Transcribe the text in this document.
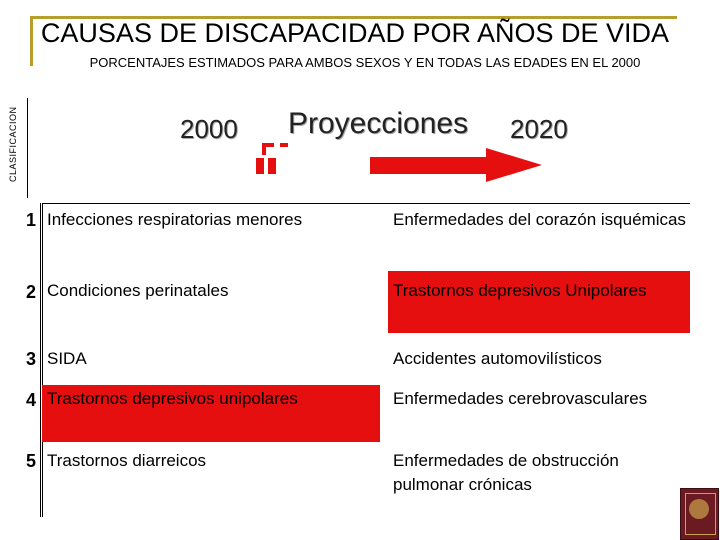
CAUSAS DE DISCAPACIDAD POR AÑOS DE VIDA
PORCENTAJES ESTIMADOS PARA AMBOS SEXOS Y EN TODAS LAS EDADES EN EL 2000
CLASIFICACION	2000 Proyecciones 2020
1 Infecciones respiratorias menores	Enfermedades del corazón isquémicas
2 Condiciones perinatales	Trastornos depresivos Unipolares
3 SIDA	Accidentes automovilísticos
4 Trastornos depresivos unipolares	Enfermedades cerebrovasculares
5 Trastornos diarreicos	Enfermedades de obstrucción pulmonar crónicas
